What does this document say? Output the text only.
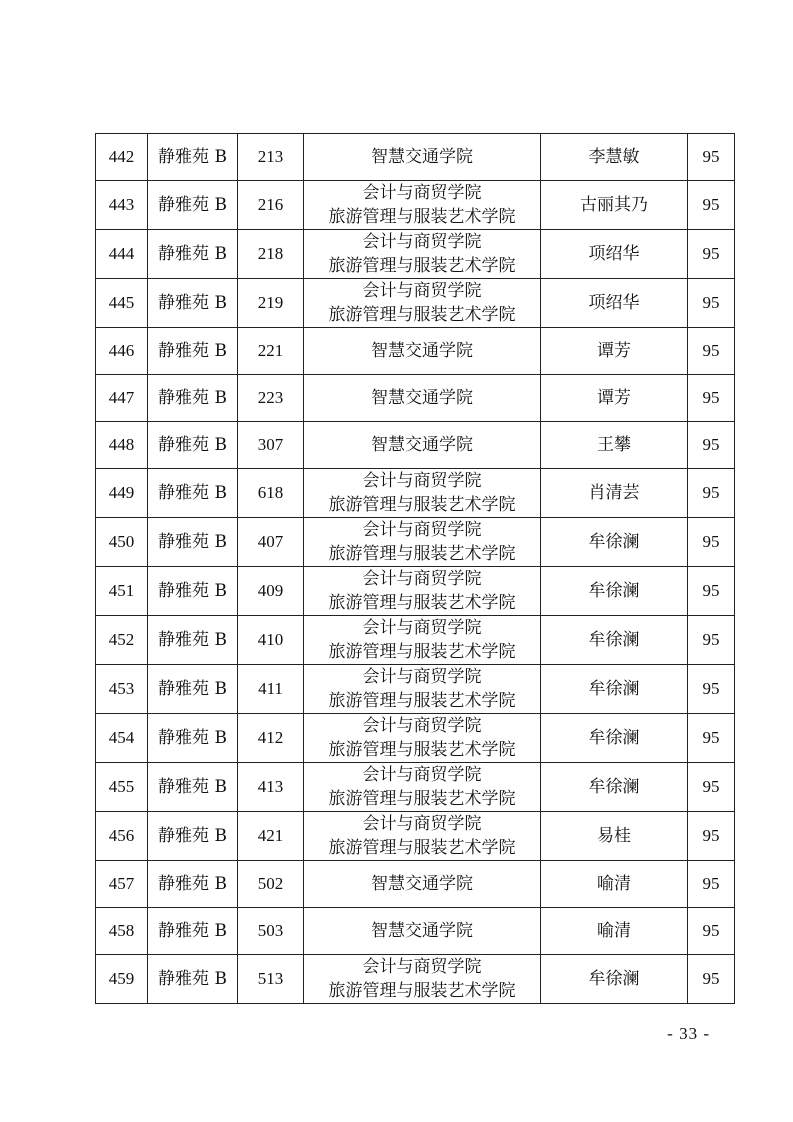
442	静雅苑 B	213	智慧交通学院	李慧敏	95
443	静雅苑 B	216	会计与商贸学院
旅游管理与服装艺术学院	古丽其乃	95
444	静雅苑 B	218	会计与商贸学院
旅游管理与服装艺术学院	项绍华	95
445	静雅苑 B	219	会计与商贸学院
旅游管理与服装艺术学院	项绍华	95
446	静雅苑 B	221	智慧交通学院	谭芳	95
447	静雅苑 B	223	智慧交通学院	谭芳	95
448	静雅苑 B	307	智慧交通学院	王攀	95
449	静雅苑 B	618	会计与商贸学院
旅游管理与服装艺术学院	肖清芸	95
450	静雅苑 B	407	会计与商贸学院
旅游管理与服装艺术学院	牟徐澜	95
451	静雅苑 B	409	会计与商贸学院
旅游管理与服装艺术学院	牟徐澜	95
452	静雅苑 B	410	会计与商贸学院
旅游管理与服装艺术学院	牟徐澜	95
453	静雅苑 B	411	会计与商贸学院
旅游管理与服装艺术学院	牟徐澜	95
454	静雅苑 B	412	会计与商贸学院
旅游管理与服装艺术学院	牟徐澜	95
455	静雅苑 B	413	会计与商贸学院
旅游管理与服装艺术学院	牟徐澜	95
456	静雅苑 B	421	会计与商贸学院
旅游管理与服装艺术学院	易桂	95
457	静雅苑 B	502	智慧交通学院	喻清	95
458	静雅苑 B	503	智慧交通学院	喻清	95
459	静雅苑 B	513	会计与商贸学院
旅游管理与服装艺术学院	牟徐澜	95
- 33 -
